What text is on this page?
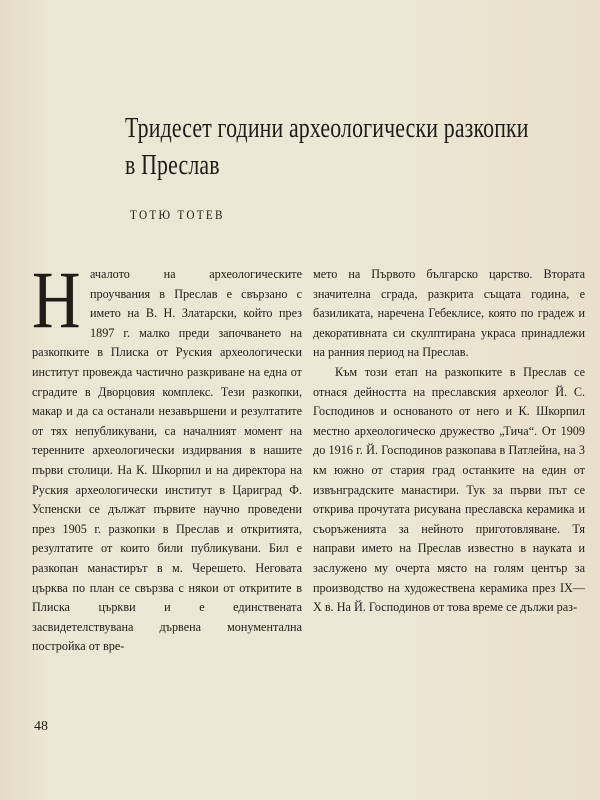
Тридесет години археологически разкопки
в Преслав
ТОТЮ ТОТЕВ

Началото на археологическите проучвания в Преслав е свързано с името на В. Н. Златарски, който през 1897 г. малко преди започването на разкопките в Плиска от Руския археологически институт провежда частично разкриване на една от сградите в Дворцовия комплекс. Тези разкопки, макар и да са останали незавършени и резултатите от тях непубликувани, са началният момент на теренните археологически издирвания в нашите първи столици. На К. Шкорпил и на директора на Руския археологически институт в Цариград Ф. Успенски се дължат първите научно проведени през 1905 г. разкопки в Преслав и откритията, резултатите от които били публикувани. Бил е разкопан манастирът в м. Черешето. Неговата църква по план се свързва с някои от откритите в Плиска църкви и е единствената засвидетелствувана дървена монументална постройка от вре-

мето на Първото българско царство. Втората значителна сграда, разкрита същата година, е базиликата, наречена Гебеклисе, която по градеж и декоративната си скулптирана украса принадлежи на ранния период на Преслав.

Към този етап на разкопките в Преслав се отнася дейността на преславския археолог Й. С. Господинов и основаното от него и К. Шкорпил местно археологическо дружество „Тича“. От 1909 до 1916 г. Й. Господинов разкопава в Патлейна, на 3 км южно от стария град останките на един от извънградските манастири. Тук за първи път се открива прочутата рисувана преславска керамика и съоръженията за нейното приготовляване. Тя направи името на Преслав известно в науката и заслужено му очерта място на голям център за производство на художествена керамика през IX—X в. На Й. Господинов от това време се дължи раз-

48
